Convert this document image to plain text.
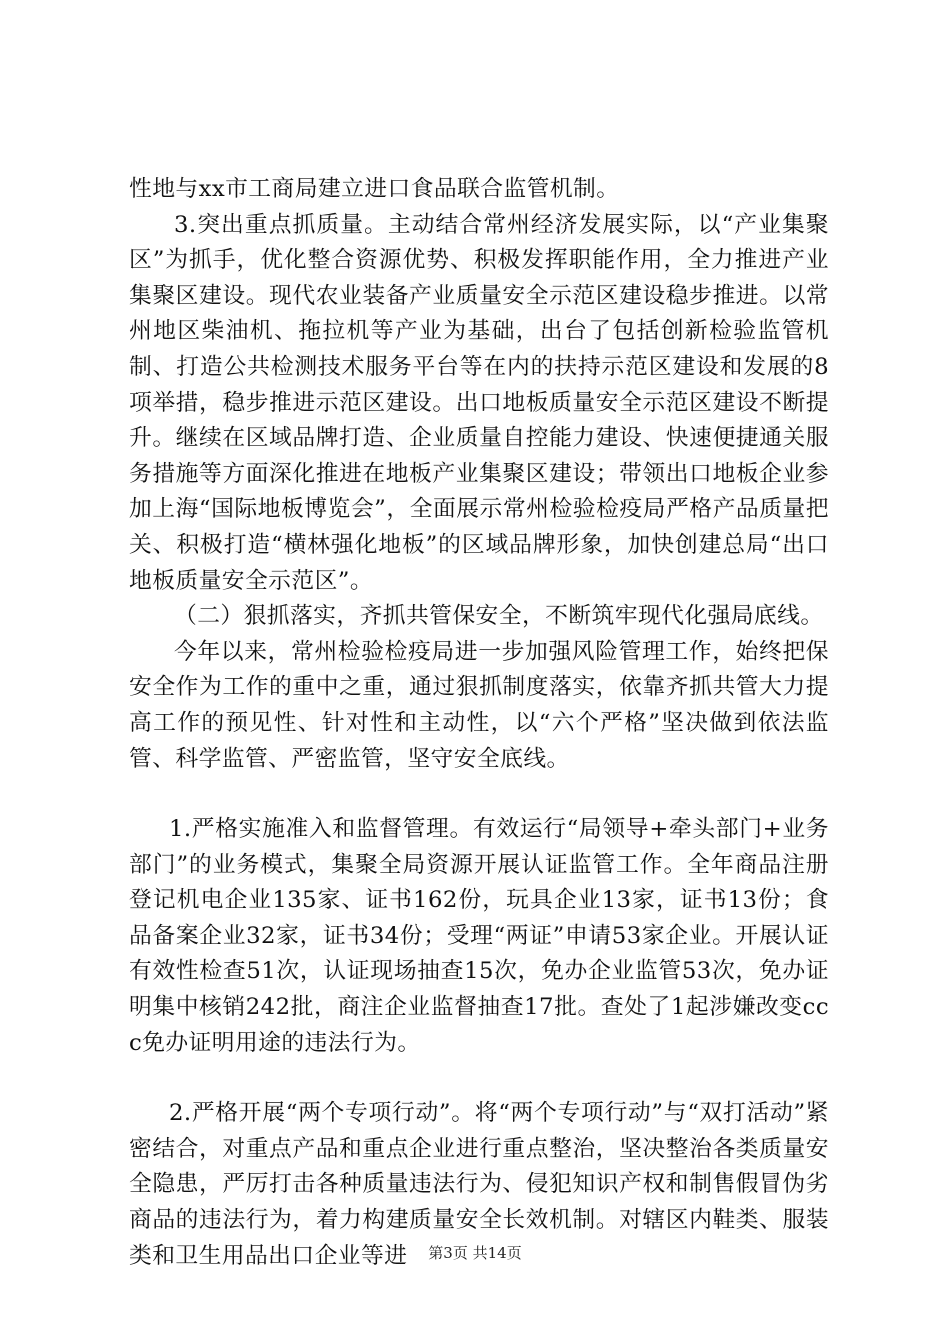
性地与xx市工商局建立进口食品联合监管机制。

3.突出重点抓质量。主动结合常州经济发展实际，以“产业集聚区”为抓手，优化整合资源优势、积极发挥职能作用，全力推进产业集聚区建设。现代农业装备产业质量安全示范区建设稳步推进。以常州地区柴油机、拖拉机等产业为基础，出台了包括创新检验监管机制、打造公共检测技术服务平台等在内的扶持示范区建设和发展的8项举措，稳步推进示范区建设。出口地板质量安全示范区建设不断提升。继续在区域品牌打造、企业质量自控能力建设、快速便捷通关服务措施等方面深化推进在地板产业集聚区建设；带领出口地板企业参加上海“国际地板博览会”，全面展示常州检验检疫局严格产品质量把关、积极打造“横林强化地板”的区域品牌形象，加快创建总局“出口地板质量安全示范区”。

（二）狠抓落实，齐抓共管保安全，不断筑牢现代化强局底线。

今年以来，常州检验检疫局进一步加强风险管理工作，始终把保安全作为工作的重中之重，通过狠抓制度落实，依靠齐抓共管大力提高工作的预见性、针对性和主动性，以“六个严格”坚决做到依法监管、科学监管、严密监管，坚守安全底线。

1.严格实施准入和监督管理。有效运行“局领导+牵头部门+业务部门”的业务模式，集聚全局资源开展认证监管工作。全年商品注册登记机电企业135家、证书162份，玩具企业13家，证书13份；食品备案企业32家，证书34份；受理“两证”申请53家企业。开展认证有效性检查51次，认证现场抽查15次，免办企业监管53次，免办证明集中核销242批，商注企业监督抽查17批。查处了1起涉嫌改变ccc免办证明用途的违法行为。

2.严格开展“两个专项行动”。将“两个专项行动”与“双打活动”紧密结合，对重点产品和重点企业进行重点整治，坚决整治各类质量安全隐患，严厉打击各种质量违法行为、侵犯知识产权和制售假冒伪劣商品的违法行为，着力构建质量安全长效机制。对辖区内鞋类、服装类和卫生用品出口企业等进	第3页 共14页
